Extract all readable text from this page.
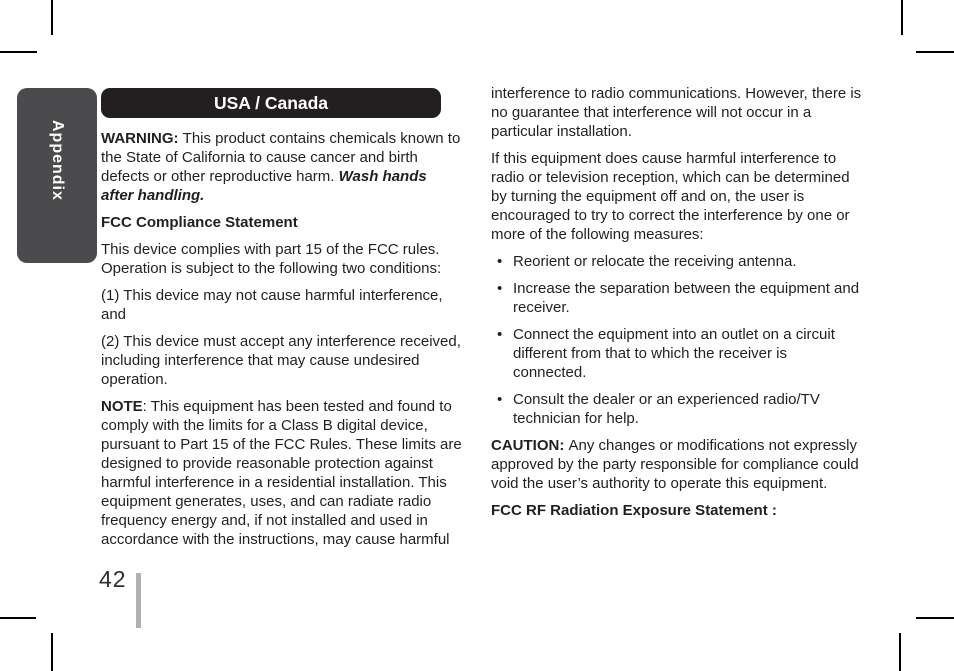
Appendix
USA / Canada
WARNING: This product contains chemicals known to the State of California to cause cancer and birth defects or other reproductive harm. Wash hands after handling.
FCC Compliance Statement
This device complies with part 15 of the FCC rules. Operation is subject to the following two conditions:
(1) This device may not cause harmful interference, and
(2) This device must accept any interference received, including interference that may cause undesired operation.
NOTE: This equipment has been tested and found to comply with the limits for a Class B digital device, pursuant to Part 15 of the FCC Rules. These limits are designed to provide reasonable protection against harmful interference in a residential installation. This equipment generates, uses, and can radiate radio frequency energy and, if not installed and used in accordance with the instructions, may cause harmful
interference to radio communications. However, there is no guarantee that interference will not occur in a particular installation.
If this equipment does cause harmful interference to radio or television reception, which can be determined by turning the equipment off and on, the user is encouraged to try to correct the interference by one or more of the following measures:
• Reorient or relocate the receiving antenna.
• Increase the separation between the equipment and receiver.
• Connect the equipment into an outlet on a circuit different from that to which the receiver is connected.
• Consult the dealer or an experienced radio/TV technician for help.
CAUTION: Any changes or modifications not expressly approved by the party responsible for compliance could void the user’s authority to operate this equipment.
FCC RF Radiation Exposure Statement :
42
